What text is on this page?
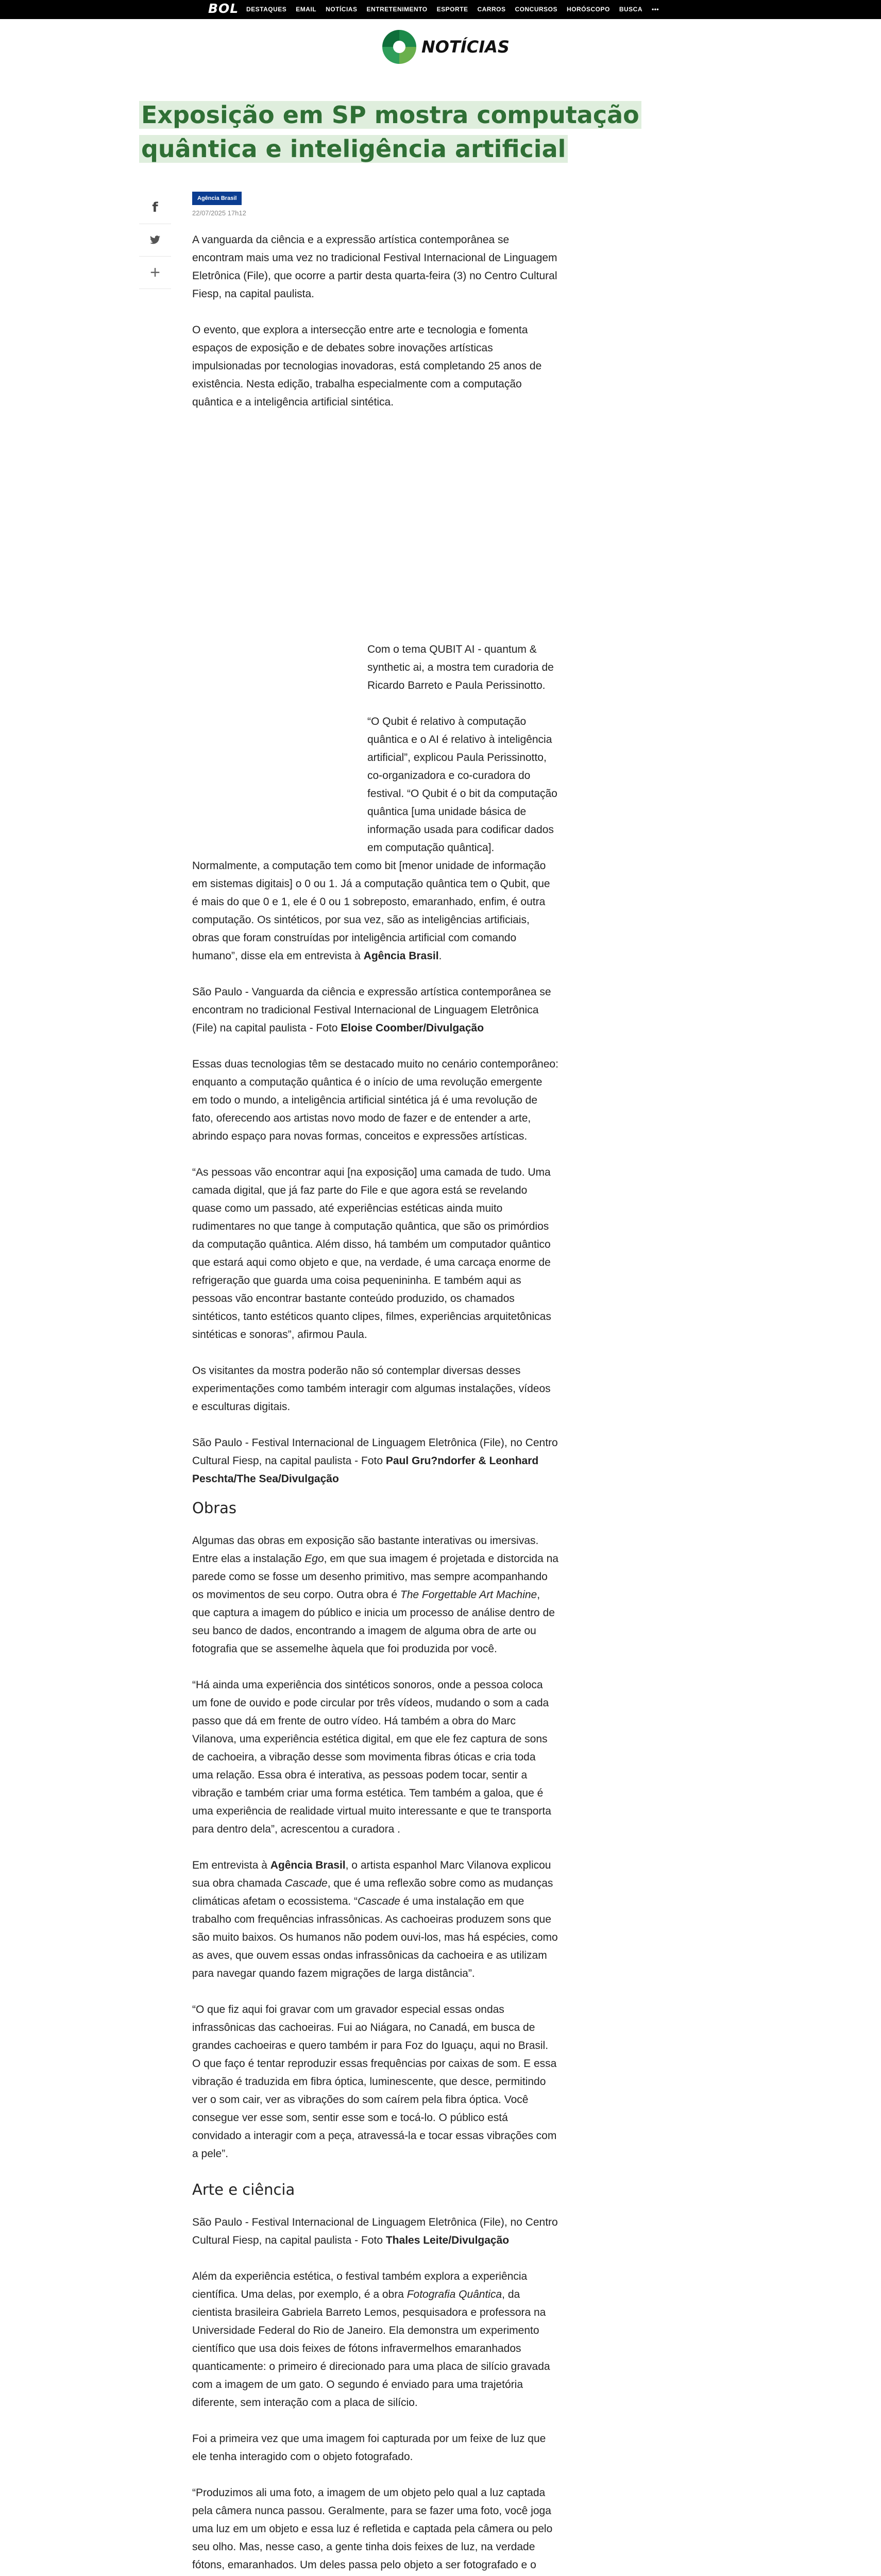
BOL DESTAQUES EMAIL NOTÍCIAS ENTRETENIMENTO ESPORTE CARROS CONCURSOS HORÓSCOPO BUSCA •••
NOTÍCIAS
Exposição em SP mostra computação quântica e inteligência artificial
f
+
Agência Brasil
22/07/2025 17h12

A vanguarda da ciência e a expressão artística contemporânea se encontram mais uma vez no tradicional Festival Internacional de Linguagem Eletrônica (File), que ocorre a partir desta quarta-feira (3) no Centro Cultural Fiesp, na capital paulista.

O evento, que explora a intersecção entre arte e tecnologia e fomenta espaços de exposição e de debates sobre inovações artísticas impulsionadas por tecnologias inovadoras, está completando 25 anos de existência. Nesta edição, trabalha especialmente com a computação quântica e a inteligência artificial sintética.

Com o tema QUBIT AI - quantum & synthetic ai, a mostra tem curadoria de Ricardo Barreto e Paula Perissinotto.

“O Qubit é relativo à computação quântica e o AI é relativo à inteligência artificial”, explicou Paula Perissinotto, co-organizadora e co-curadora do festival. “O Qubit é o bit da computação quântica [uma unidade básica de informação usada para codificar dados em computação quântica].

Normalmente, a computação tem como bit [menor unidade de informação em sistemas digitais] o 0 ou 1. Já a computação quântica tem o Qubit, que é mais do que 0 e 1, ele é 0 ou 1 sobreposto, emaranhado, enfim, é outra computação. Os sintéticos, por sua vez, são as inteligências artificiais, obras que foram construídas por inteligência artificial com comando humano”, disse ela em entrevista à Agência Brasil.

São Paulo - Vanguarda da ciência e expressão artística contemporânea se encontram no tradicional Festival Internacional de Linguagem Eletrônica (File) na capital paulista - Foto Eloise Coomber/Divulgação

Essas duas tecnologias têm se destacado muito no cenário contemporâneo: enquanto a computação quântica é o início de uma revolução emergente em todo o mundo, a inteligência artificial sintética já é uma revolução de fato, oferecendo aos artistas novo modo de fazer e de entender a arte, abrindo espaço para novas formas, conceitos e expressões artísticas.

“As pessoas vão encontrar aqui [na exposição] uma camada de tudo. Uma camada digital, que já faz parte do File e que agora está se revelando quase como um passado, até experiências estéticas ainda muito rudimentares no que tange à computação quântica, que são os primórdios da computação quântica. Além disso, há também um computador quântico que estará aqui como objeto e que, na verdade, é uma carcaça enorme de refrigeração que guarda uma coisa pequenininha. E também aqui as pessoas vão encontrar bastante conteúdo produzido, os chamados sintéticos, tanto estéticos quanto clipes, filmes, experiências arquitetônicas sintéticas e sonoras”, afirmou Paula.

Os visitantes da mostra poderão não só contemplar diversas desses experimentações como também interagir com algumas instalações, vídeos e esculturas digitais.

São Paulo - Festival Internacional de Linguagem Eletrônica (File), no Centro Cultural Fiesp, na capital paulista - Foto Paul Gru?ndorfer & Leonhard Peschta/The Sea/Divulgação

Obras

Algumas das obras em exposição são bastante interativas ou imersivas. Entre elas a instalação Ego, em que sua imagem é projetada e distorcida na parede como se fosse um desenho primitivo, mas sempre acompanhando os movimentos de seu corpo. Outra obra é The Forgettable Art Machine, que captura a imagem do público e inicia um processo de análise dentro de seu banco de dados, encontrando a imagem de alguma obra de arte ou fotografia que se assemelhe àquela que foi produzida por você.

“Há ainda uma experiência dos sintéticos sonoros, onde a pessoa coloca um fone de ouvido e pode circular por três vídeos, mudando o som a cada passo que dá em frente de outro vídeo. Há também a obra do Marc Vilanova, uma experiência estética digital, em que ele fez captura de sons de cachoeira, a vibração desse som movimenta fibras óticas e cria toda uma relação. Essa obra é interativa, as pessoas podem tocar, sentir a vibração e também criar uma forma estética. Tem também a galoa, que é uma experiência de realidade virtual muito interessante e que te transporta para dentro dela”, acrescentou a curadora .

Em entrevista à Agência Brasil, o artista espanhol Marc Vilanova explicou sua obra chamada Cascade, que é uma reflexão sobre como as mudanças climáticas afetam o ecossistema. “Cascade é uma instalação em que trabalho com frequências infrassônicas. As cachoeiras produzem sons que são muito baixos. Os humanos não podem ouvi-los, mas há espécies, como as aves, que ouvem essas ondas infrassônicas da cachoeira e as utilizam para navegar quando fazem migrações de larga distância”.

“O que fiz aqui foi gravar com um gravador especial essas ondas infrassônicas das cachoeiras. Fui ao Niágara, no Canadá, em busca de grandes cachoeiras e quero também ir para Foz do Iguaçu, aqui no Brasil. O que faço é tentar reproduzir essas frequências por caixas de som. E essa vibração é traduzida em fibra óptica, luminescente, que desce, permitindo ver o som cair, ver as vibrações do som caírem pela fibra óptica. Você consegue ver esse som, sentir esse som e tocá-lo. O público está convidado a interagir com a peça, atravessá-la e tocar essas vibrações com a pele”.

Arte e ciência

São Paulo - Festival Internacional de Linguagem Eletrônica (File), no Centro Cultural Fiesp, na capital paulista - Foto Thales Leite/Divulgação

Além da experiência estética, o festival também explora a experiência científica. Uma delas, por exemplo, é a obra Fotografia Quântica, da cientista brasileira Gabriela Barreto Lemos, pesquisadora e professora na Universidade Federal do Rio de Janeiro. Ela demonstra um experimento científico que usa dois feixes de fótons infravermelhos emaranhados quanticamente: o primeiro é direcionado para uma placa de silício gravada com a imagem de um gato. O segundo é enviado para uma trajetória diferente, sem interação com a placa de silício.

Foi a primeira vez que uma imagem foi capturada por um feixe de luz que ele tenha interagido com o objeto fotografado.

“Produzimos ali uma foto, a imagem de um objeto pelo qual a luz captada pela câmera nunca passou. Geralmente, para se fazer uma foto, você joga uma luz em um objeto e essa luz é refletida e captada pela câmera ou pelo seu olho. Mas, nesse caso, a gente tinha dois feixes de luz, na verdade fótons, emaranhados. Um deles passa pelo objeto a ser fotografado e o
